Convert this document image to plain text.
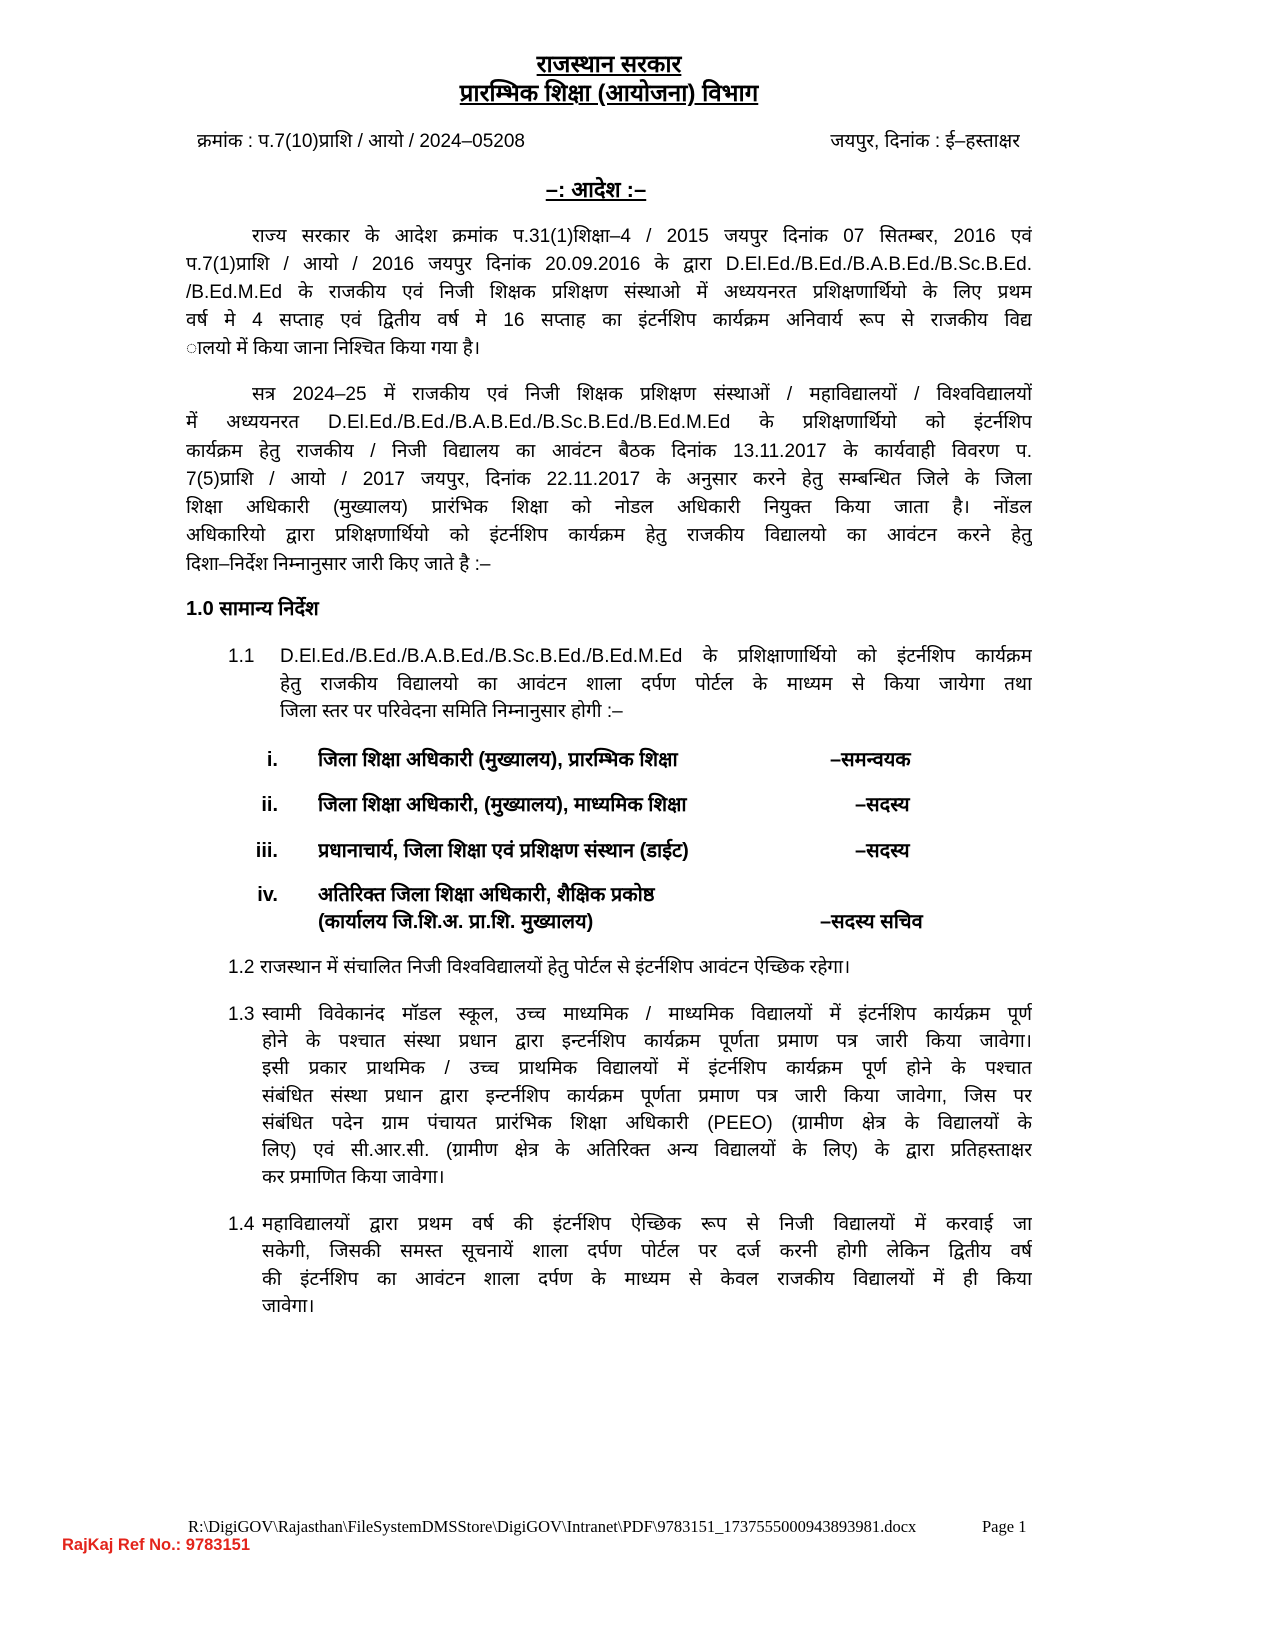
राजस्थान सरकार
प्रारम्भिक शिक्षा (आयोजना) विभाग
क्रमांक : प.7(10)प्राशि / आयो / 2024–05208	जयपुर, दिनांक : ई–हस्ताक्षर
–: आदेश :–
राज्य सरकार के आदेश क्रमांक प.31(1)शिक्षा–4 / 2015 जयपुर दिनांक 07 सितम्बर, 2016 एवं
प.7(1)प्राशि / आयो / 2016 जयपुर दिनांक 20.09.2016 के द्वारा D.El.Ed./B.Ed./B.A.B.Ed./B.Sc.B.Ed.
/B.Ed.M.Ed के राजकीय एवं निजी शिक्षक प्रशिक्षण संस्थाओ में अध्ययनरत प्रशिक्षणार्थियो के लिए प्रथम
वर्ष मे 4 सप्ताह एवं द्वितीय वर्ष मे 16 सप्ताह का इंटर्नशिप कार्यक्रम अनिवार्य रूप से राजकीय विद्य
ालयो में किया जाना निश्चित किया गया है।
सत्र 2024–25 में राजकीय एवं निजी शिक्षक प्रशिक्षण संस्थाओं / महाविद्यालयों / विश्वविद्यालयों
में अध्ययनरत D.El.Ed./B.Ed./B.A.B.Ed./B.Sc.B.Ed./B.Ed.M.Ed के प्रशिक्षणार्थियो को इंटर्नशिप
कार्यक्रम हेतु राजकीय / निजी विद्यालय का आवंटन बैठक दिनांक 13.11.2017 के कार्यवाही विवरण प.
7(5)प्राशि / आयो / 2017 जयपुर, दिनांक 22.11.2017 के अनुसार करने हेतु सम्बन्धित जिले के जिला
शिक्षा अधिकारी (मुख्यालय) प्रारंभिक शिक्षा को नोडल अधिकारी नियुक्त किया जाता है। नोंडल
अधिकारियो द्वारा प्रशिक्षणार्थियो को इंटर्नशिप कार्यक्रम हेतु राजकीय विद्यालयो का आवंटन करने हेतु
दिशा–निर्देश निम्नानुसार जारी किए जाते है :–
1.0 सामान्य निर्देश
1.1	D.El.Ed./B.Ed./B.A.B.Ed./B.Sc.B.Ed./B.Ed.M.Ed के प्रशिक्षाणार्थियो को इंटर्नशिप कार्यक्रम
हेतु राजकीय विद्यालयो का आवंटन शाला दर्पण पोर्टल के माध्यम से किया जायेगा तथा
जिला स्तर पर परिवेदना समिति निम्नानुसार होगी :–
i. जिला शिक्षा अधिकारी (मुख्यालय), प्रारम्भिक शिक्षा	–समन्वयक
ii. जिला शिक्षा अधिकारी, (मुख्यालय), माध्यमिक शिक्षा	–सदस्य
iii. प्रधानाचार्य, जिला शिक्षा एवं प्रशिक्षण संस्थान (डाईट)	–सदस्य
iv. अतिरिक्त जिला शिक्षा अधिकारी, शैक्षिक प्रकोष्ठ
(कार्यालय जि.शि.अ. प्रा.शि. मुख्यालय)	–सदस्य सचिव
1.2 राजस्थान में संचालित निजी विश्वविद्यालयों हेतु पोर्टल से इंटर्नशिप आवंटन ऐच्छिक रहेगा।
1.3 स्वामी विवेकानंद मॉडल स्कूल, उच्च माध्यमिक / माध्यमिक विद्यालयों में इंटर्नशिप कार्यक्रम पूर्ण
होने के पश्चात संस्था प्रधान द्वारा इन्टर्नशिप कार्यक्रम पूर्णता प्रमाण पत्र जारी किया जावेगा।
इसी प्रकार प्राथमिक / उच्च प्राथमिक विद्यालयों में इंटर्नशिप कार्यक्रम पूर्ण होने के पश्चात
संबंधित संस्था प्रधान द्वारा इन्टर्नशिप कार्यक्रम पूर्णता प्रमाण पत्र जारी किया जावेगा, जिस पर
संबंधित पदेन ग्राम पंचायत प्रारंभिक शिक्षा अधिकारी (PEEO) (ग्रामीण क्षेत्र के विद्यालयों के
लिए) एवं सी.आर.सी. (ग्रामीण क्षेत्र के अतिरिक्त अन्य विद्यालयों के लिए) के द्वारा प्रतिहस्ताक्षर
कर प्रमाणित किया जावेगा।
1.4 महाविद्यालयों द्वारा प्रथम वर्ष की इंटर्नशिप ऐच्छिक रूप से निजी विद्यालयों में करवाई जा
सकेगी, जिसकी समस्त सूचनायें शाला दर्पण पोर्टल पर दर्ज करनी होगी लेकिन द्वितीय वर्ष
की इंटर्नशिप का आवंटन शाला दर्पण के माध्यम से केवल राजकीय विद्यालयों में ही किया
जावेगा।
R:\DigiGOV\Rajasthan\FileSystemDMSStore\DigiGOV\Intranet\PDF\9783151_1737555000943893981.docx	Page 1
RajKaj Ref No.: 9783151
